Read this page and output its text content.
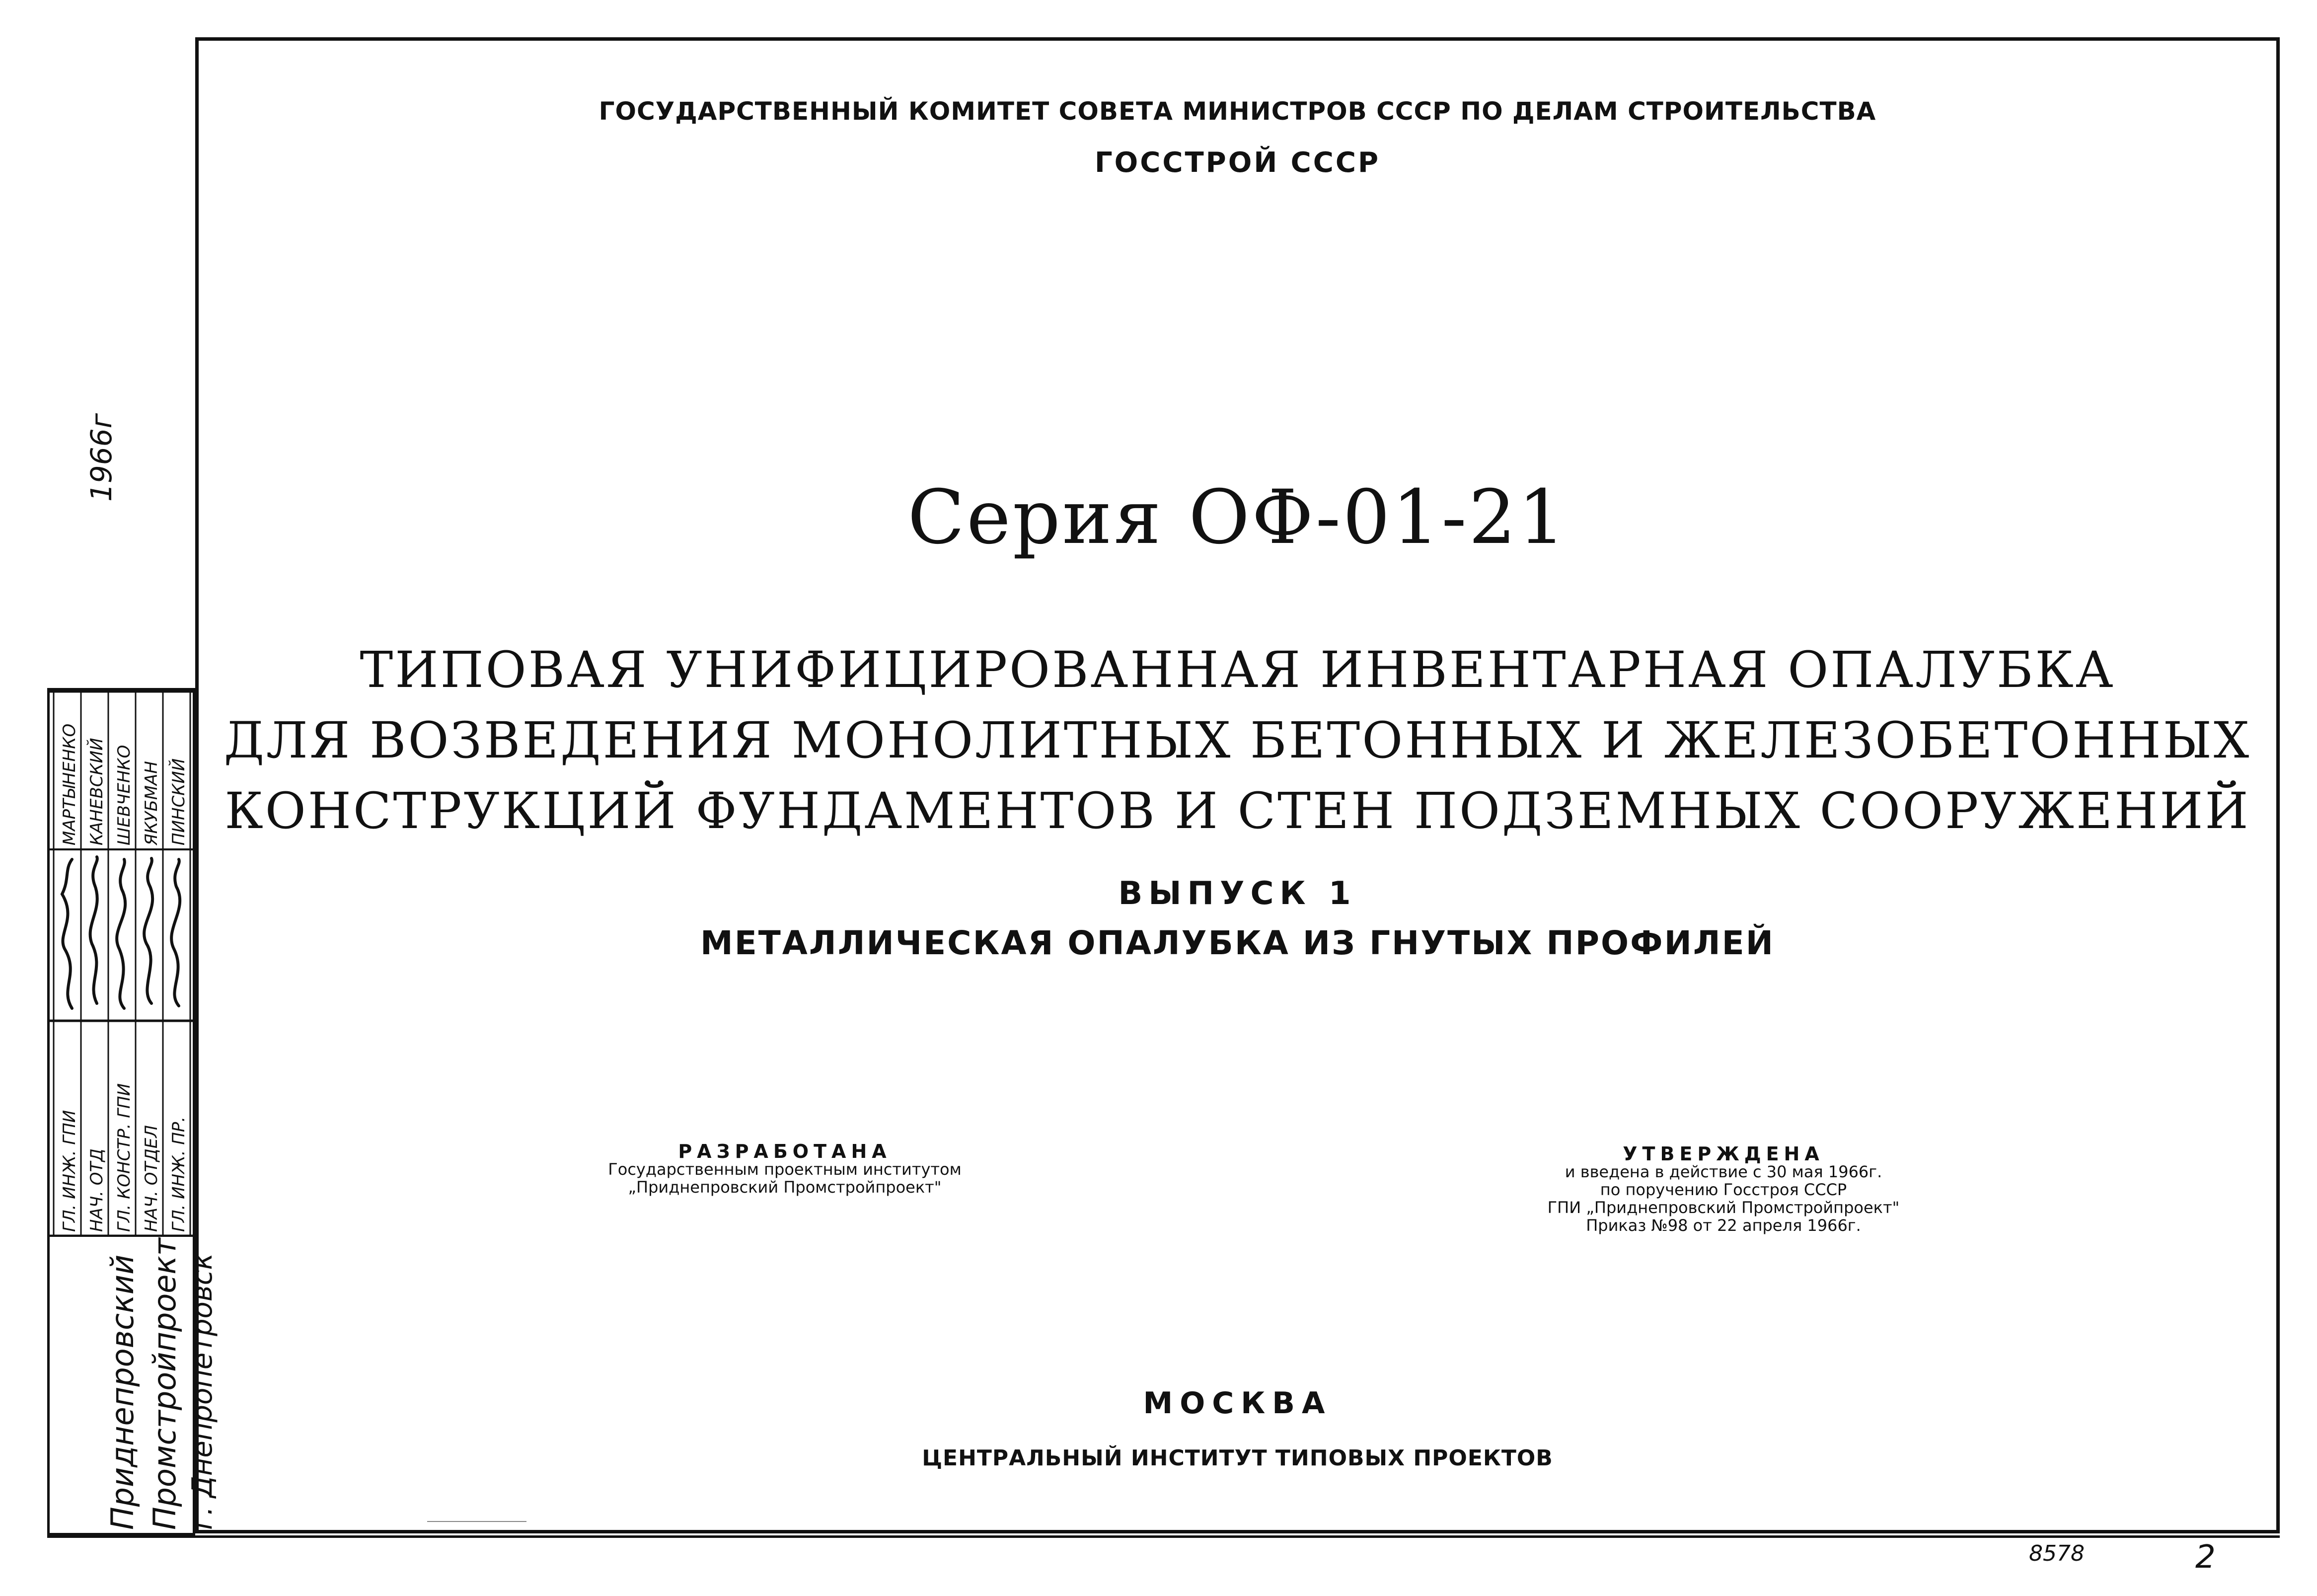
ГОСУДАРСТВЕННЫЙ КОМИТЕТ СОВЕТА МИНИСТРОВ СССР ПО ДЕЛАМ СТРОИТЕЛЬСТВА
ГОССТРОЙ СССР
Серия ОФ-01-21
ТИПОВАЯ УНИФИЦИРОВАННАЯ ИНВЕНТАРНАЯ ОПАЛУБКА
ДЛЯ ВОЗВЕДЕНИЯ МОНОЛИТНЫХ БЕТОННЫХ И ЖЕЛЕЗОБЕТОННЫХ
КОНСТРУКЦИЙ ФУНДАМЕНТОВ И СТЕН ПОДЗЕМНЫХ СООРУЖЕНИЙ
ВЫПУСК 1
МЕТАЛЛИЧЕСКАЯ ОПАЛУБКА ИЗ ГНУТЫХ ПРОФИЛЕЙ
РАЗРАБОТАНА
Государственным проектным институтом
„Приднепровский Промстройпроект"
УТВЕРЖДЕНА
и введена в действие с 30 мая 1966г.
по поручению Госстроя СССР
ГПИ „Приднепровский Промстройпроект"
Приказ №98 от 22 апреля 1966г.
МОСКВА
ЦЕНТРАЛЬНЫЙ ИНСТИТУТ ТИПОВЫХ ПРОЕКТОВ
1966г
8578	2
МАРТЫНЕНКО КАНЕВСКИЙ ШЕВЧЕНКО ЯКУБМАН ПИНСКИЙ
ГЛ. ИНЖ. ГПИ НАЧ. ОТД ГЛ. КОНСТР. ГПИ НАЧ. ОТДЕЛ ГЛ. ИНЖ. ПР.
Приднепровский Промстройпроект г. Днепропетровск
